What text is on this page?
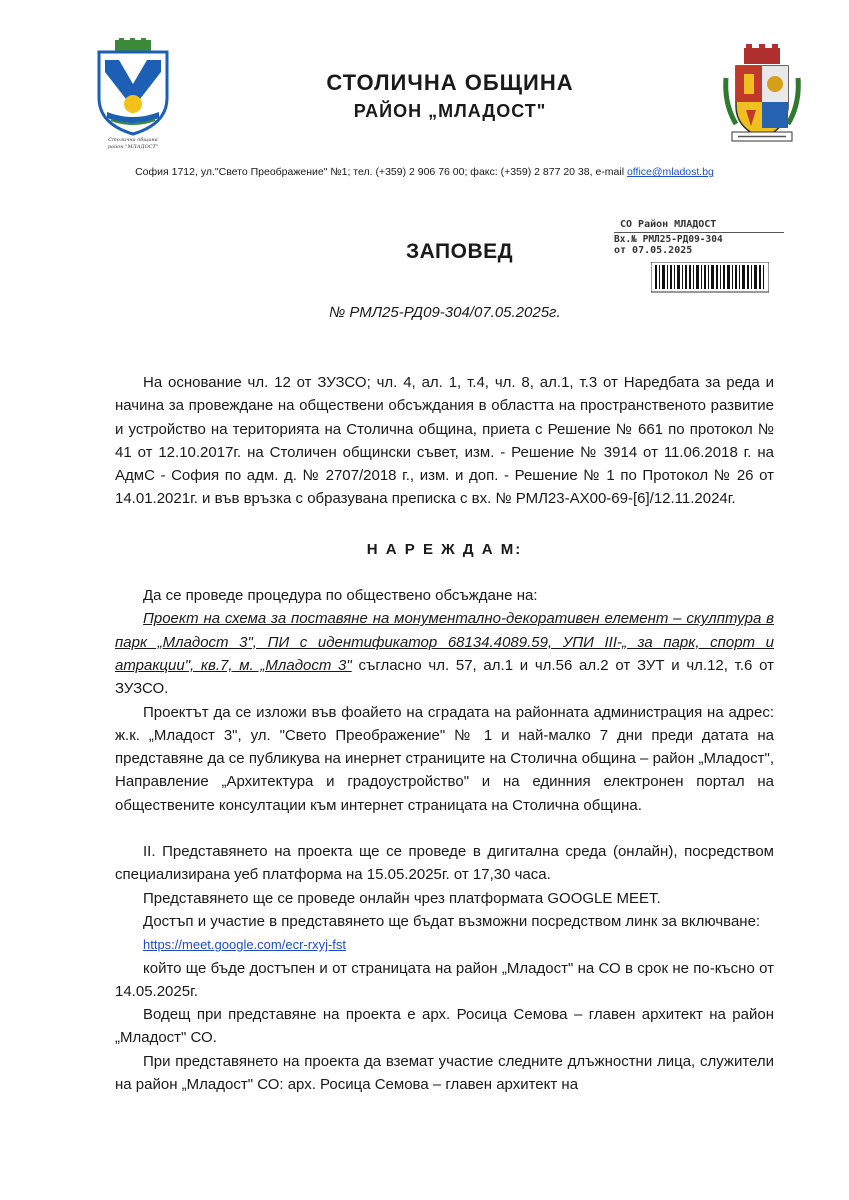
Столична община
район "МЛАДОСТ"
СТОЛИЧНА ОБЩИНА
РАЙОН „МЛАДОСТ"
София 1712, ул."Свето Преображение" №1; тел. (+359) 2 906 76 00; факс: (+359) 2 877 20 38, e-mail office@mladost.bg
СО Район МЛАДОСТ
Вх.№ РМЛ25-РД09-304
от 07.05.2025
ЗАПОВЕД
№ РМЛ25-РД09-304/07.05.2025г.

На основание чл. 12 от ЗУЗСО; чл. 4, ал. 1, т.4, чл. 8, ал.1, т.3 от Наредбата за реда и начина за провеждане на обществени обсъждания в областта на пространственото развитие и устройство на територията на Столична община, приета с Решение № 661 по протокол № 41 от 12.10.2017г. на Столичен общински съвет, изм. - Решение № 3914 от 11.06.2018 г. на АдмС - София по адм. д. № 2707/2018 г., изм. и доп. - Решение № 1 по Протокол № 26 от 14.01.2021г. и във връзка с образувана преписка с вх. № РМЛ23-АХ00-69-[6]/12.11.2024г.

Н А Р Е Ж Д А М:

Да се проведе процедура по обществено обсъждане на:

Проект на схема за поставяне на монументално-декоративен елемент – скулптура в парк „Младост 3", ПИ с идентификатор 68134.4089.59, УПИ III-„ за парк, спорт и атракции", кв.7, м. „Младост 3" съгласно чл. 57, ал.1 и чл.56 ал.2 от ЗУТ и чл.12, т.6 от ЗУЗСО.

Проектът да се изложи във фоайето на сградата на районната администрация на адрес: ж.к. „Младост 3", ул. "Свето Преображение" № 1 и най-малко 7 дни преди датата на представяне да се публикува на инернет страниците на Столична община – район „Младост", Направление „Архитектура и градоустройство" и на единния електронен портал на обществените консултации към интернет страницата на Столична община.

II. Представянето на проекта ще се проведе в дигитална среда (онлайн), посредством специализирана уеб платформа на 15.05.2025г. от 17,30 часа.

Представянето ще се проведе онлайн чрез платформата GOOGLE MEET.

Достъп и участие в представянето ще бъдат възможни посредством линк за включване:

https://meet.google.com/ecr-rxyj-fst

който ще бъде достъпен и от страницата на район „Младост" на СО в срок не по-късно от 14.05.2025г.

Водещ при представяне на проекта е арх. Росица Семова – главен архитект на район „Младост" СО.

При представянето на проекта да вземат участие следните длъжностни лица, служители на район „Младост" СО: арх. Росица Семова – главен архитект на
